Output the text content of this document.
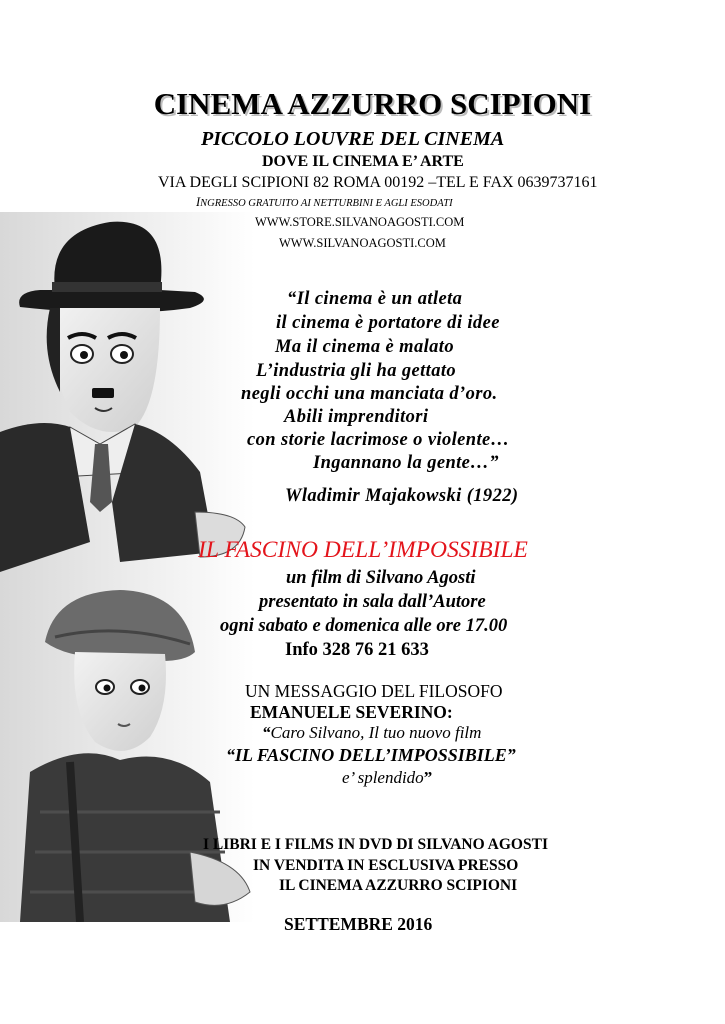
CINEMA AZZURRO SCIPIONI
PICCOLO LOUVRE DEL CINEMA
DOVE IL CINEMA E’ ARTE
VIA DEGLI SCIPIONI 82 ROMA 00192 –TEL E FAX 0639737161
INGRESSO GRATUITO AI NETTURBINI E AGLI ESODATI
WWW.STORE.SILVANOAGOSTI.COM
WWW.SILVANOAGOSTI.COM
“Il cinema è un atleta
il cinema è portatore di idee
Ma il cinema è malato
L’industria gli ha gettato
negli occhi una manciata d’oro.
Abili imprenditori
con storie lacrimose o violente…
Ingannano la gente…”
Wladimir Majakowski (1922)
IL FASCINO DELL’IMPOSSIBILE
un film di Silvano Agosti
presentato in sala dall’Autore
ogni sabato e domenica alle ore 17.00
Info 328 76 21 633
UN MESSAGGIO DEL FILOSOFO
EMANUELE SEVERINO:
“Caro Silvano, Il tuo nuovo film
“IL FASCINO DELL’IMPOSSIBILE”
e’ splendido”
I LIBRI E I FILMS IN DVD DI SILVANO AGOSTI
IN VENDITA IN ESCLUSIVA PRESSO
IL CINEMA AZZURRO SCIPIONI
SETTEMBRE 2016
